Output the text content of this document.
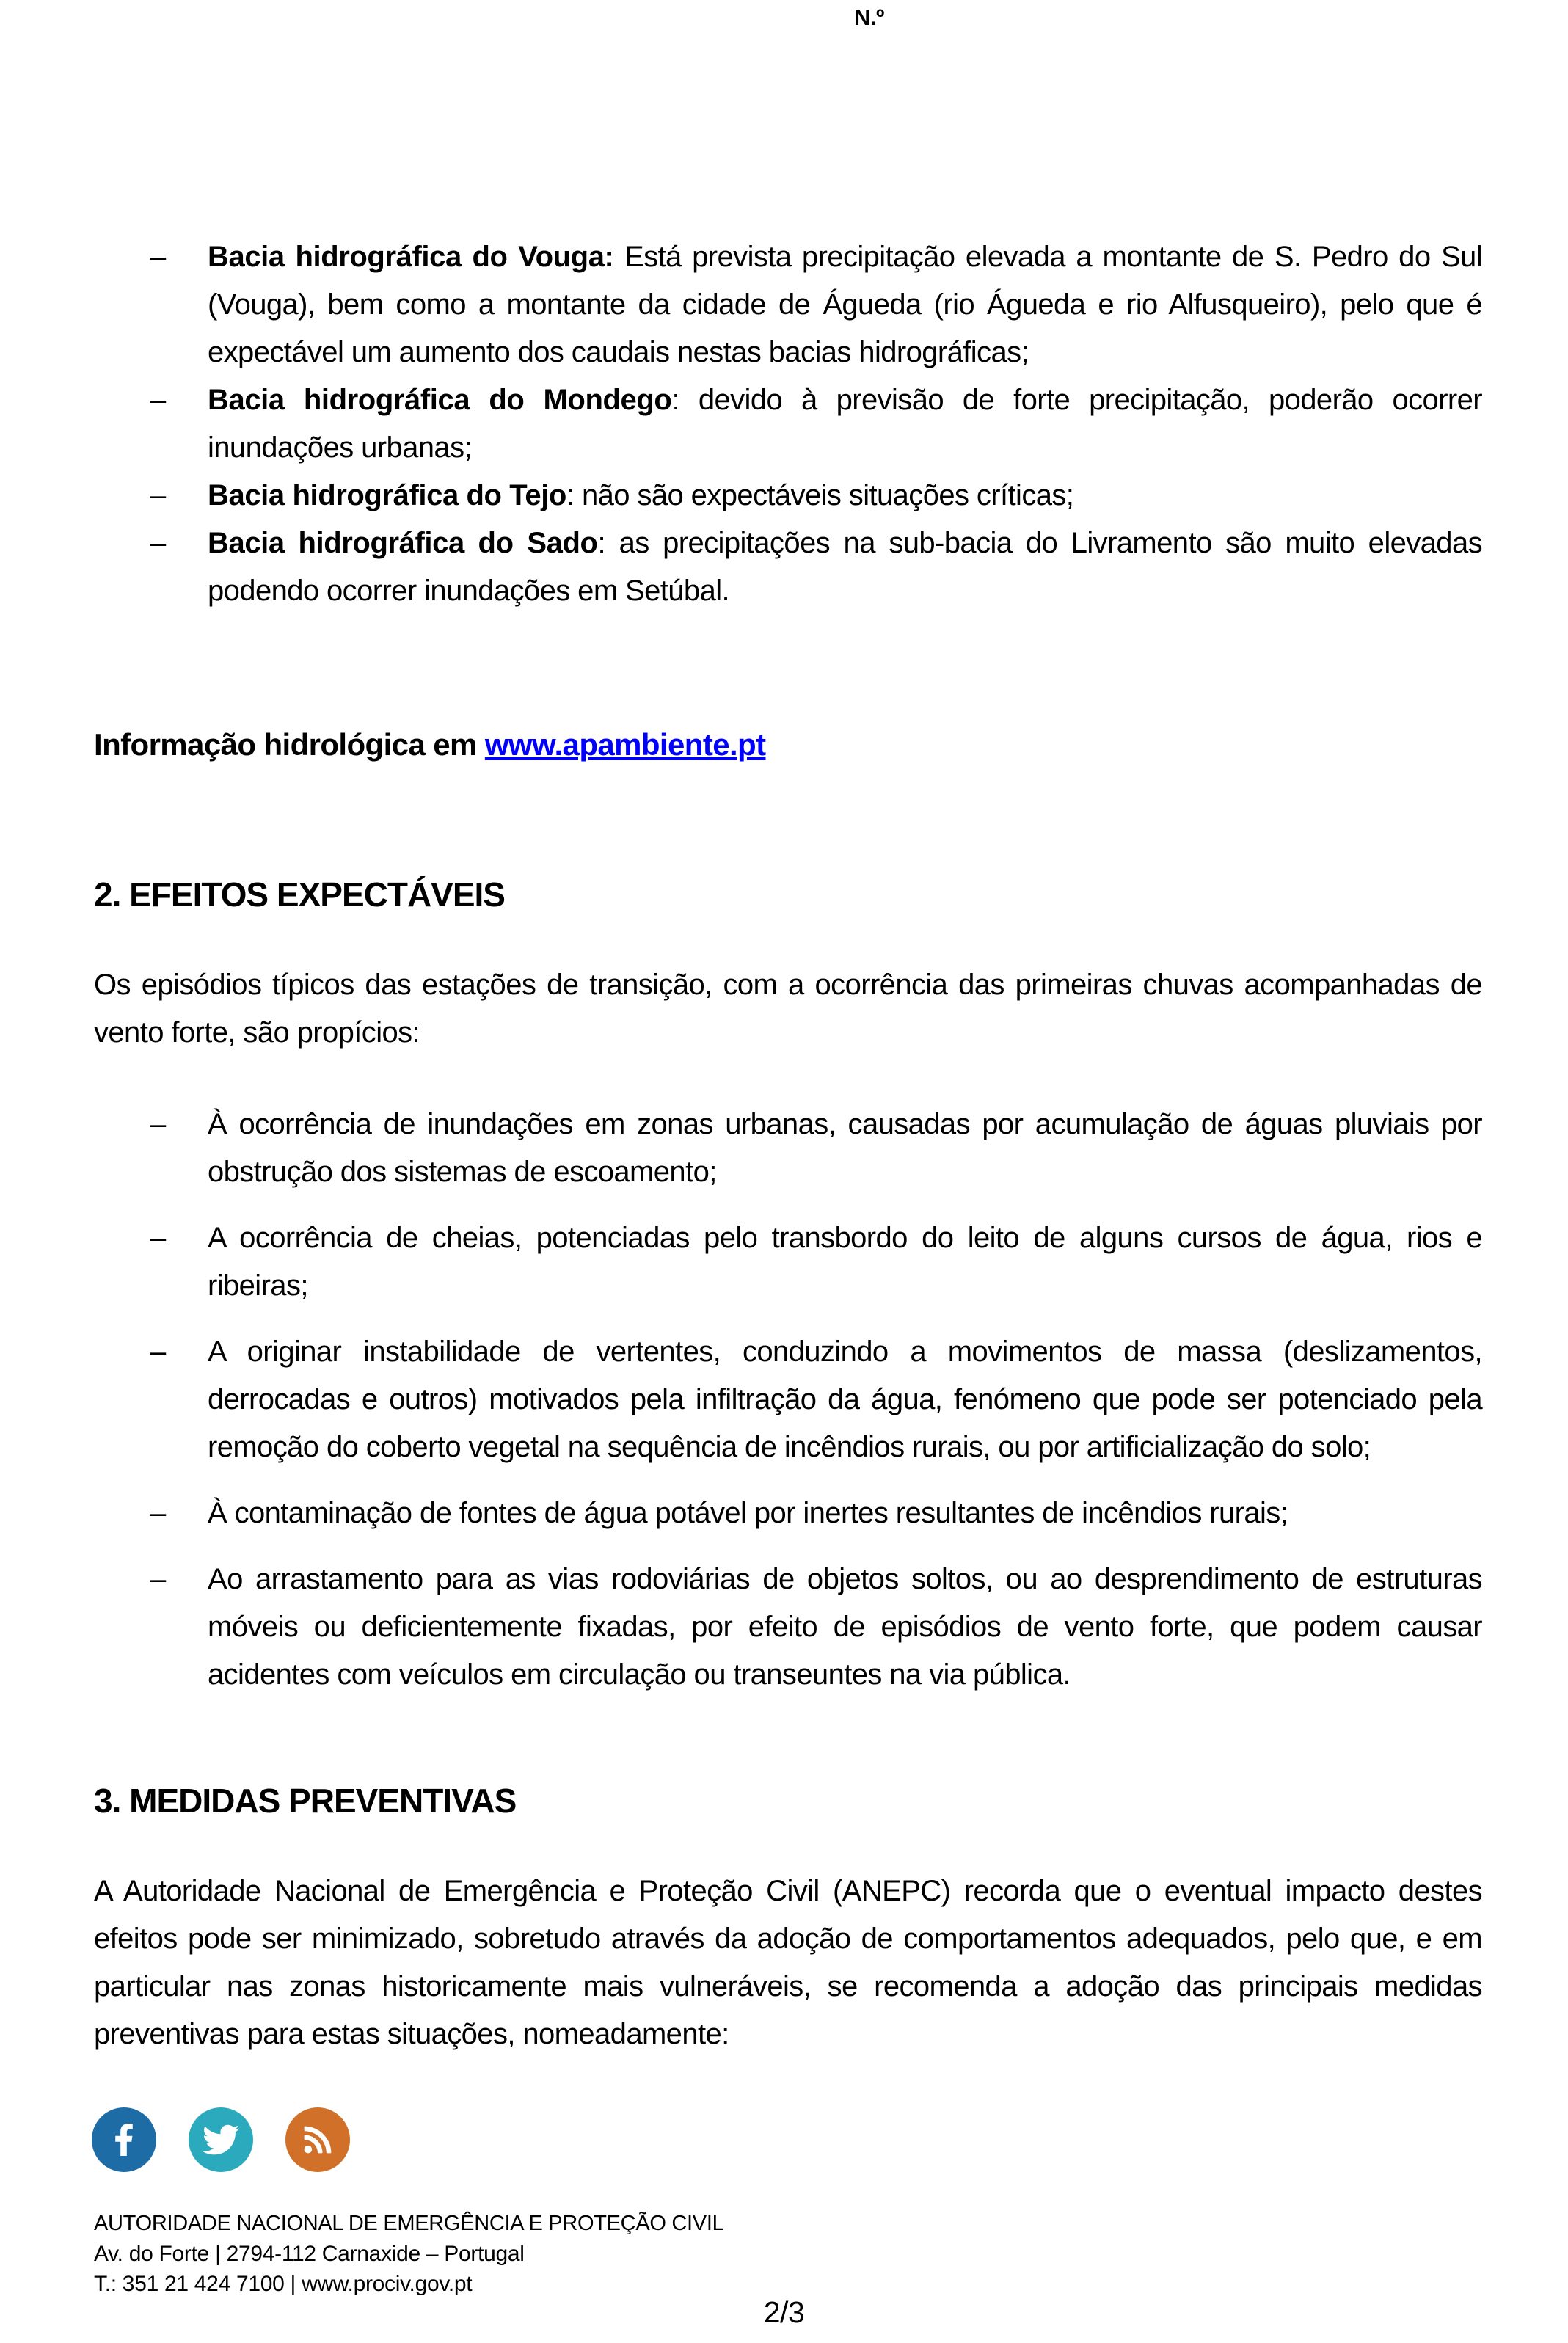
N.º
– Bacia hidrográfica do Vouga: Está prevista precipitação elevada a montante de S. Pedro do Sul (Vouga), bem como a montante da cidade de Águeda (rio Águeda e rio Alfusqueiro), pelo que é expectável um aumento dos caudais nestas bacias hidrográficas;
– Bacia hidrográfica do Mondego: devido à previsão de forte precipitação, poderão ocorrer inundações urbanas;
– Bacia hidrográfica do Tejo: não são expectáveis situações críticas;
– Bacia hidrográfica do Sado: as precipitações na sub-bacia do Livramento são muito elevadas podendo ocorrer inundações em Setúbal.
Informação hidrológica em www.apambiente.pt
2. EFEITOS EXPECTÁVEIS
Os episódios típicos das estações de transição, com a ocorrência das primeiras chuvas acompanhadas de vento forte, são propícios:
– À ocorrência de inundações em zonas urbanas, causadas por acumulação de águas pluviais por obstrução dos sistemas de escoamento;
– A ocorrência de cheias, potenciadas pelo transbordo do leito de alguns cursos de água, rios e ribeiras;
– A originar instabilidade de vertentes, conduzindo a movimentos de massa (deslizamentos, derrocadas e outros) motivados pela infiltração da água, fenómeno que pode ser potenciado pela remoção do coberto vegetal na sequência de incêndios rurais, ou por artificialização do solo;
– À contaminação de fontes de água potável por inertes resultantes de incêndios rurais;
– Ao arrastamento para as vias rodoviárias de objetos soltos, ou ao desprendimento de estruturas móveis ou deficientemente fixadas, por efeito de episódios de vento forte, que podem causar acidentes com veículos em circulação ou transeuntes na via pública.
3. MEDIDAS PREVENTIVAS
A Autoridade Nacional de Emergência e Proteção Civil (ANEPC) recorda que o eventual impacto destes efeitos pode ser minimizado, sobretudo através da adoção de comportamentos adequados, pelo que, e em particular nas zonas historicamente mais vulneráveis, se recomenda a adoção das principais medidas preventivas para estas situações, nomeadamente:
AUTORIDADE NACIONAL DE EMERGÊNCIA E PROTEÇÃO CIVIL
Av. do Forte | 2794-112 Carnaxide – Portugal
T.: 351 21 424 7100 | www.prociv.gov.pt
2/3
